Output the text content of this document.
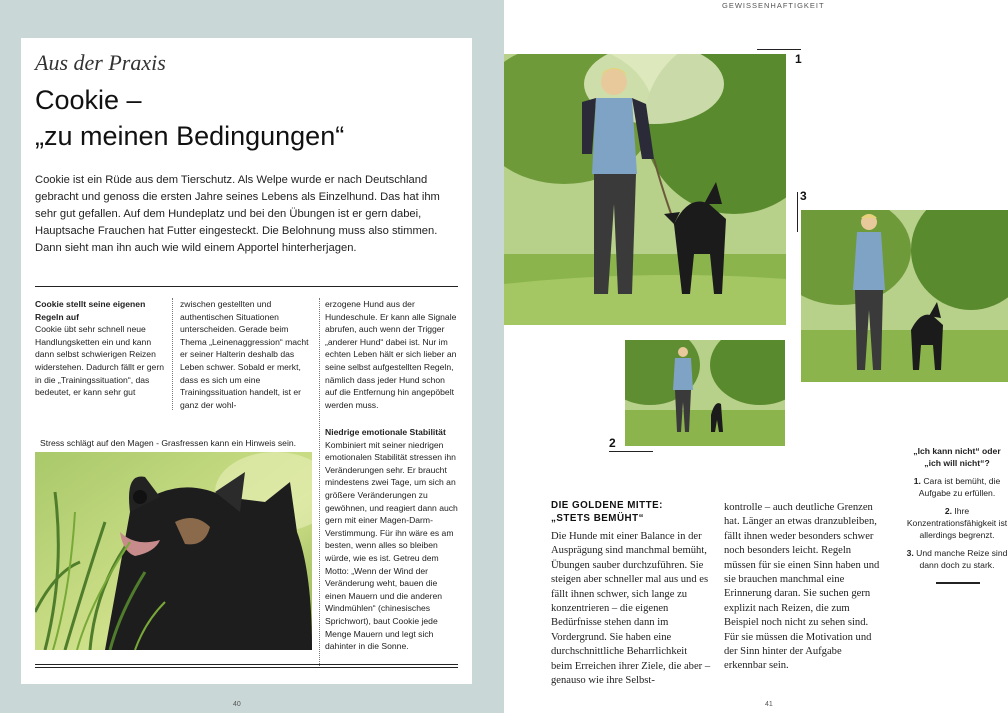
Aus der Praxis
Cookie –
„zu meinen Bedingungen“
Cookie ist ein Rüde aus dem Tierschutz. Als Welpe wurde er nach Deutschland gebracht und genoss die ersten Jahre seines Lebens als Einzelhund. Das hat ihm sehr gut gefallen. Auf dem Hundeplatz und bei den Übungen ist er gern dabei, Hauptsache Frauchen hat Futter eingesteckt. Die Belohnung muss also stimmen. Dann sieht man ihn auch wie wild einem Apportel hinterherjagen.
Cookie stellt seine eigenen Regeln auf
Cookie übt sehr schnell neue Handlungsketten ein und kann dann selbst schwierigen Reizen widerstehen. Dadurch fällt er gern in die „Trainingssituation“, das bedeutet, er kann sehr gut
zwischen gestellten und authentischen Situationen unterscheiden. Gerade beim Thema „Leinenaggression“ macht er seiner Halterin deshalb das Leben schwer. Sobald er merkt, dass es sich um eine Trainingssituation handelt, ist er ganz der wohl-
erzogene Hund aus der Hundeschule. Er kann alle Signale abrufen, auch wenn der Trigger „anderer Hund“ dabei ist. Nur im echten Leben hält er sich lieber an seine selbst aufgestellten Regeln, nämlich dass jeder Hund schon auf die Entfernung hin angepöbelt werden muss.
Stress schlägt auf den Magen - Grasfressen kann ein Hinweis sein.
Niedrige emotionale Stabilität
Kombiniert mit seiner niedrigen emotionalen Stabilität stressen ihn Veränderungen sehr. Er braucht mindestens zwei Tage, um sich an größere Veränderungen zu gewöhnen, und reagiert dann auch gern mit einer Magen-Darm-Verstimmung. Für ihn wäre es am besten, wenn alles so bleiben würde, wie es ist. Getreu dem Motto: „Wenn der Wind der Veränderung weht, bauen die einen Mauern und die anderen Windmühlen“ (chinesisches Sprichwort), baut Cookie jede Menge Mauern und legt sich dahinter in die Sonne.
40
GEWISSENHAFTIGKEIT
1
3
2
DIE GOLDENE MITTE:
„STETS BEMÜHT“
Die Hunde mit einer Balance in der Ausprägung sind manchmal bemüht, Übungen sauber durchzuführen. Sie steigen aber schneller mal aus und es fällt ihnen schwer, sich lange zu konzentrieren – die eigenen Bedürfnisse stehen dann im Vordergrund. Sie haben eine durchschnittliche Beharrlichkeit beim Erreichen ihrer Ziele, die aber – genauso wie ihre Selbst-
kontrolle – auch deutliche Grenzen hat. Länger an etwas dranzubleiben, fällt ihnen weder besonders schwer noch besonders leicht. Regeln müssen für sie einen Sinn haben und sie brauchen manchmal eine Erinnerung daran. Sie suchen gern explizit nach Reizen, die zum Beispiel noch nicht zu sehen sind. Für sie müssen die Motivation und der Sinn hinter der Aufgabe erkennbar sein.
„Ich kann nicht“ oder „ich will nicht“?
1. Cara ist bemüht, die Aufgabe zu erfüllen.
2. Ihre Konzentrationsfähigkeit ist allerdings begrenzt.
3. Und manche Reize sind dann doch zu stark.
41
